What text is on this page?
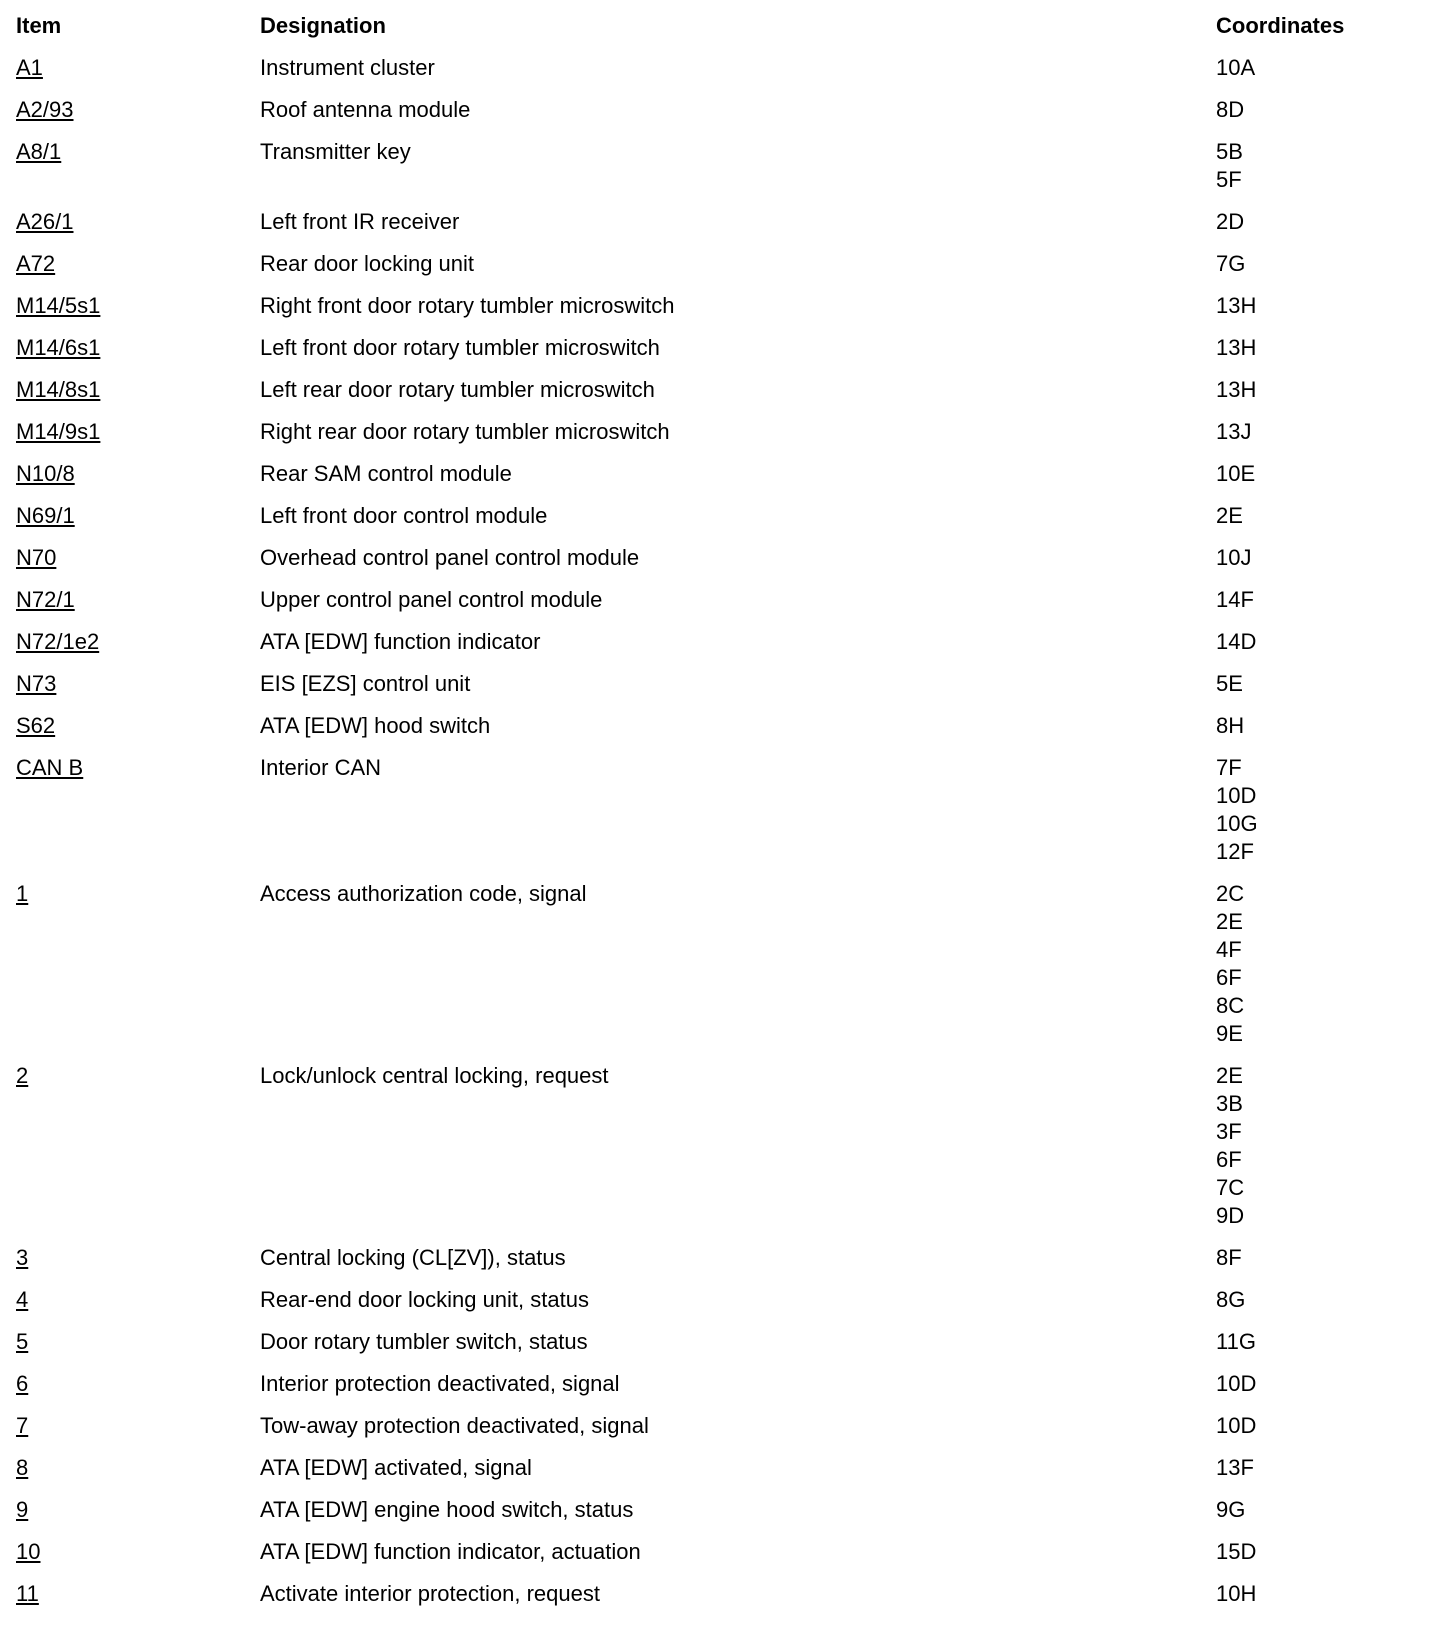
Item	Designation	Coordinates
A1	Instrument cluster	10A
A2/93	Roof antenna module	8D
A8/1	Transmitter key	5B
5F
A26/1	Left front IR receiver	2D
A72	Rear door locking unit	7G
M14/5s1	Right front door rotary tumbler microswitch	13H
M14/6s1	Left front door rotary tumbler microswitch	13H
M14/8s1	Left rear door rotary tumbler microswitch	13H
M14/9s1	Right rear door rotary tumbler microswitch	13J
N10/8	Rear SAM control module	10E
N69/1	Left front door control module	2E
N70	Overhead control panel control module	10J
N72/1	Upper control panel control module	14F
N72/1e2	ATA [EDW] function indicator	14D
N73	EIS [EZS] control unit	5E
S62	ATA [EDW] hood switch	8H
CAN B	Interior CAN	7F
10D
10G
12F
1	Access authorization code, signal	2C
2E
4F
6F
8C
9E
2	Lock/unlock central locking, request	2E
3B
3F
6F
7C
9D
3	Central locking (CL[ZV]), status	8F
4	Rear-end door locking unit, status	8G
5	Door rotary tumbler switch, status	11G
6	Interior protection deactivated, signal	10D
7	Tow-away protection deactivated, signal	10D
8	ATA [EDW] activated, signal	13F
9	ATA [EDW] engine hood switch, status	9G
10	ATA [EDW] function indicator, actuation	15D
11	Activate interior protection, request	10H
